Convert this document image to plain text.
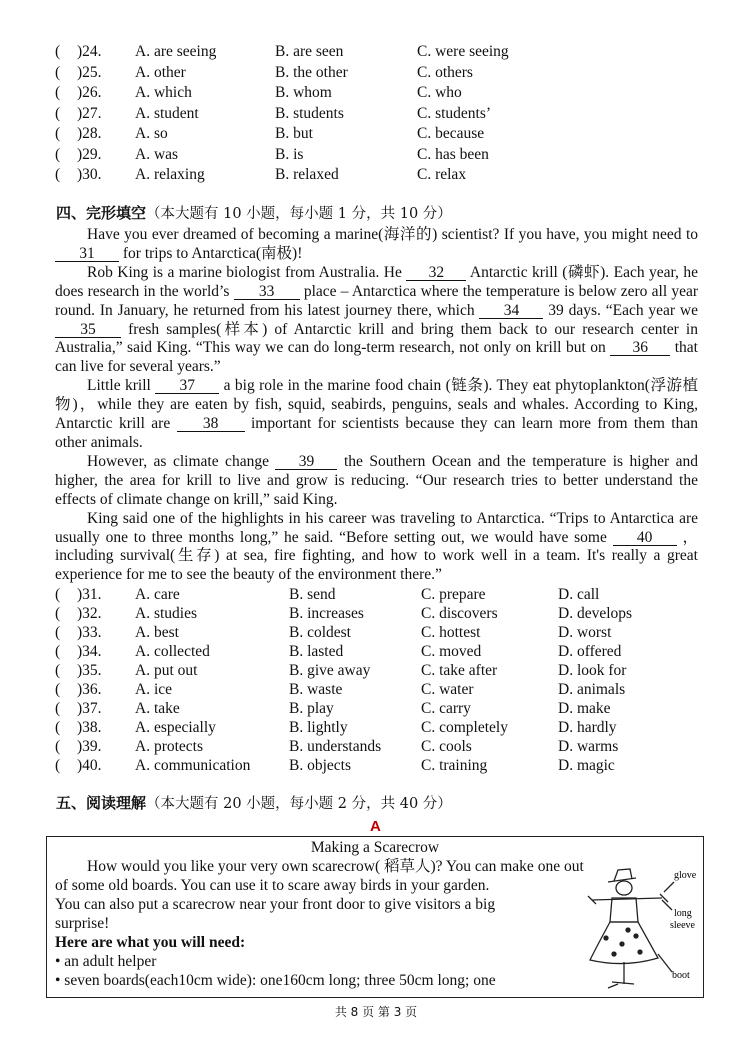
( )24. A. are seeing	B. are seen	C. were seeing
( )25. A. other	B. the other	C. others
( )26. A. which	B. whom	C. who
( )27. A. student	B. students	C. students’
( )28. A. so	B. but	C. because
( )29. A. was	B. is	C. has been
( )30. A. relaxing	B. relaxed	C. relax
四、完形填空（本大题有 10 小题，每小题 1 分，共 10 分）

Have you ever dreamed of becoming a marine(海洋的) scientist? If you have, you might need to 31 for trips to Antarctica(南极)!

Rob King is a marine biologist from Australia. He 32 Antarctic krill (磷虾). Each year, he does research in the world’s 33 place – Antarctica where the temperature is below zero all year round. In January, he returned from his latest journey there, which 34 39 days. “Each year we 35 fresh samples(样本) of Antarctic krill and bring them back to our research center in Australia,” said King. “This way we can do long-term research, not only on krill but on 36 that can live for several years.”

Little krill 37 a big role in the marine food chain (链条). They eat phytoplankton(浮游植物)，while they are eaten by fish, squid, seabirds, penguins, seals and whales. According to King, Antarctic krill are 38 important for scientists because they can learn more from them than other animals.

However, as climate change 39 the Southern Ocean and the temperature is higher and higher, the area for krill to live and grow is reducing. “Our research tries to better understand the effects of climate change on krill,” said King.

King said one of the highlights in his career was traveling to Antarctica. “Trips to Antarctica are usually one to three months long,” he said. “Before setting out, we would have some 40 ，including survival(生存) at sea, fire fighting, and how to work well in a team. It's really a great experience for me to see the beauty of the environment there.”

( )31. A. care	B. send	C. prepare	D. call
( )32. A. studies	B. increases	C. discovers	D. develops
( )33. A. best	B. coldest	C. hottest	D. worst
( )34. A. collected	B. lasted	C. moved	D. offered
( )35. A. put out	B. give away	C. take after	D. look for
( )36. A. ice	B. waste	C. water	D. animals
( )37. A. take	B. play	C. carry	D. make
( )38. A. especially	B. lightly	C. completely	D. hardly
( )39. A. protects	B. understands	C. cools	D. warms
( )40. A. communication B. objects	C. training	D. magic
五、阅读理解（本大题有 20 小题，每小题 2 分，共 40 分）
A
Making a Scarecrow

How would you like your very own scarecrow( 稻草人)? You can make one out

of some old boards. You can use it to scare away birds in your garden.

You can also put a scarecrow near your front door to give visitors a big

surprise!

Here are what you will need:

• an adult helper

• seven boards(each10cm wide): one160cm long; three 50cm long; one

glove
long
sleeve
boot
共 8 页 第 3 页
